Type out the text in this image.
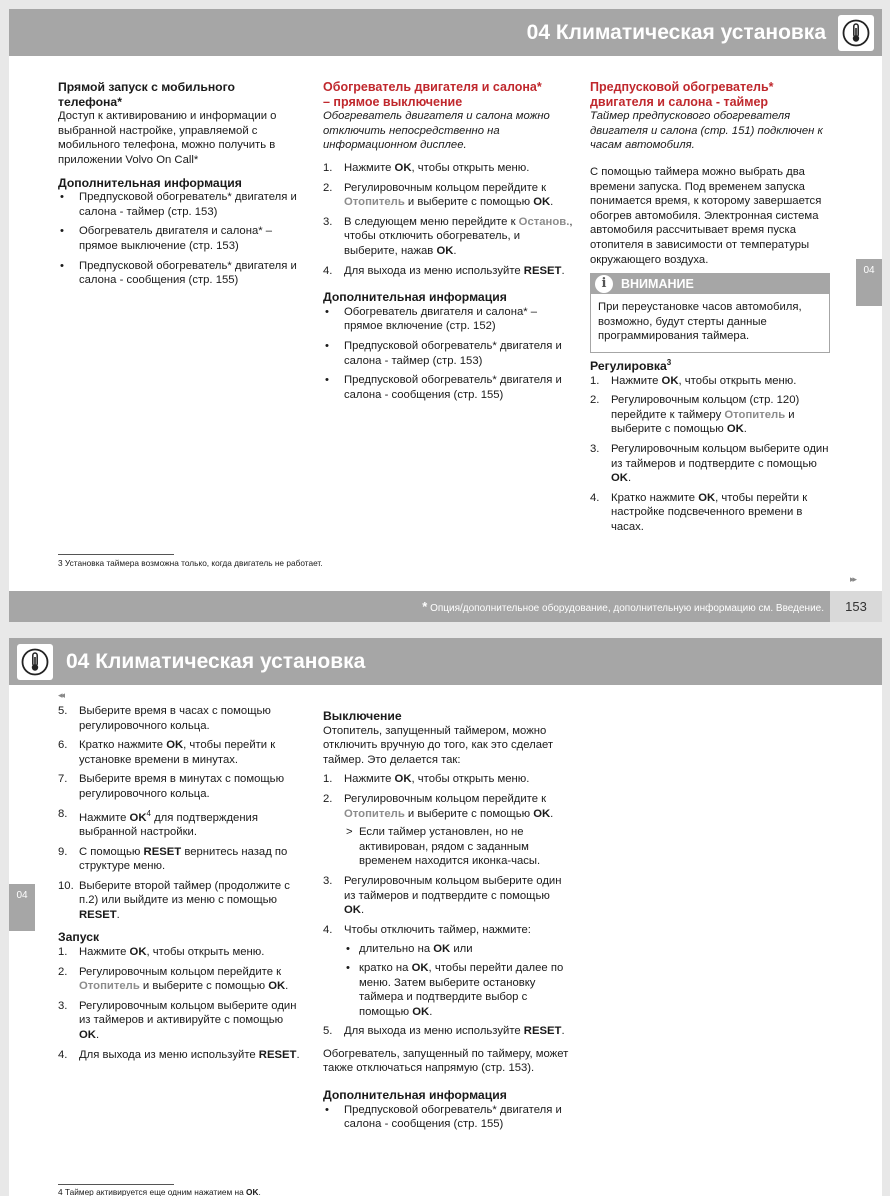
04 Климатическая установка
Прямой запуск с мобильного
телефона*

Доступ к активированию и информации о выбранной настройке, управляемой с мобильного телефона, можно получить в приложении Volvo On Call*

Дополнительная информация
• Предпусковой обогреватель* двигателя и салона - таймер (стр. 153)
• Обогреватель двигателя и салона* – прямое выключение (стр. 153)
• Предпусковой обогреватель* двигателя и салона - сообщения (стр. 155)
Обогреватель двигателя и салона*
– прямое выключение

Обогреватель двигателя и салона можно отключить непосредственно на информационном дисплее.

1. Нажмите OK, чтобы открыть меню.
2. Регулировочным кольцом перейдите к Отопитель и выберите с помощью OK.
3. В следующем меню перейдите к Останов., чтобы отключить обогреватель, и выберите, нажав OK.
4. Для выхода из меню используйте RESET.
Дополнительная информация
• Обогреватель двигателя и салона* – прямое включение (стр. 152)
• Предпусковой обогреватель* двигателя и салона - таймер (стр. 153)
• Предпусковой обогреватель* двигателя и салона - сообщения (стр. 155)
Предпусковой обогреватель*
двигателя и салона - таймер

Таймер предпускового обогревателя двигателя и салона (стр. 151) подключен к часам автомобиля.

С помощью таймера можно выбрать два времени запуска. Под временем запуска понимается время, к которому завершается обогрев автомобиля. Электронная система автомобиля рассчитывает время пуска отопителя в зависимости от температуры окружающего воздуха.

i	ВНИМАНИЕ
При переустановке часов автомобиля, возможно, будут стерты данные программирования таймера.
Регулировка$^3$
1. Нажмите OK, чтобы открыть меню.
2. Регулировочным кольцом (стр. 120) перейдите к таймеру Отопитель и выберите с помощью OK.
3. Регулировочным кольцом выберите один из таймеров и подтвердите с помощью OK.
4. Кратко нажмите OK, чтобы перейти к настройке подсвеченного времени в часах.
04
3 Установка таймера возможна только, когда двигатель не работает.
▸▸
* Опция/дополнительное оборудование, дополнительную информацию см. Введение.	153
04 Климатическая установка
◂◂
5. Выберите время в часах с помощью регулировочного кольца.
6. Кратко нажмите OK, чтобы перейти к установке времени в минутах.
7. Выберите время в минутах с помощью регулировочного кольца.
8. Нажмите $OK^4$ для подтверждения выбранной настройки.
9. С помощью RESET вернитесь назад по структуре меню.
10. Выберите второй таймер (продолжите с п.2) или выйдите из меню с помощью RESET.
Запуск
1. Нажмите OK, чтобы открыть меню.
2. Регулировочным кольцом перейдите к Отопитель и выберите с помощью OK.
3. Регулировочным кольцом выберите один из таймеров и активируйте с помощью OK.
4. Для выхода из меню используйте RESET.
Выключение

Отопитель, запущенный таймером, можно отключить вручную до того, как это сделает таймер. Это делается так:

1. Нажмите OK, чтобы открыть меню.
2. Регулировочным кольцом перейдите к Отопитель и выберите с помощью OK.
> Если таймер установлен, но не активирован, рядом с заданным временем находится иконка-часы.
3. Регулировочным кольцом выберите один из таймеров и подтвердите с помощью OK.
4. Чтобы отключить таймер, нажмите:
• длительно на OK или
• кратко на OK, чтобы перейти далее по меню. Затем выберите остановку таймера и подтвердите выбор с помощью OK.
5. Для выхода из меню используйте RESET.

Обогреватель, запущенный по таймеру, может также отключаться напрямую (стр. 153).

Дополнительная информация
• Предпусковой обогреватель* двигателя и салона - сообщения (стр. 155)
04
4 Таймер активируется еще одним нажатием на OK.
